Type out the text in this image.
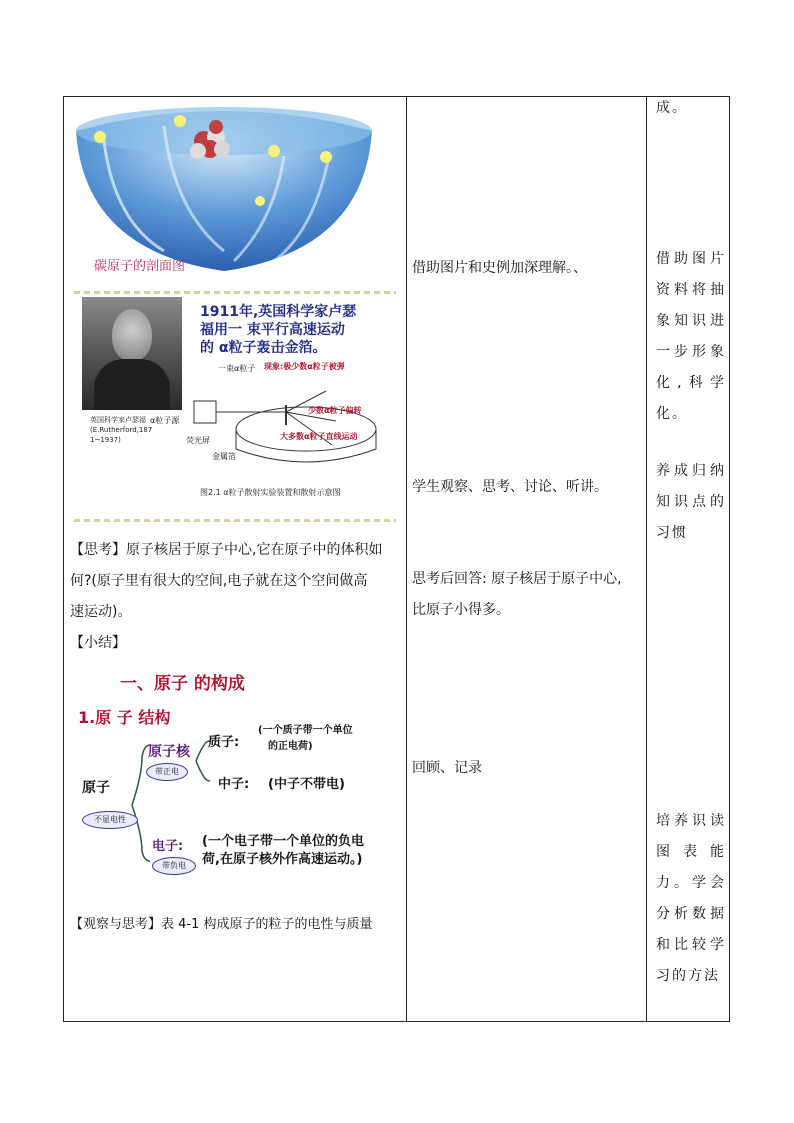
碳原子的剖面图
英国科学家卢瑟福
(E.Rutherford,187
1~1937)
1911年,英国科学家卢瑟
福用一 束平行高速运动
的 α粒子轰击金箔。
一束α粒子
α粒子源
荧光屏
金属箔
现象:极少数α粒子被弹
少数α粒子偏转
大多数α粒子直线运动
图2.1 α粒子散射实验装置和散射示意图
【思考】原子核居于原子中心,它在原子中的体积如
何?(原子里有很大的空间,电子就在这个空间做高
速运动)。
【小结】
一、原子 的构成
1.原 子 结构
原子
原子核
质子:
(一个质子带一个单位
的正电荷)
中子: (中子不带电)
电子: (一个电子带一个单位的负电
荷,在原子核外作高速运动。)
带正电
不显电性
带负电
【观察与思考】表 4-1 构成原子的粒子的电性与质量
借助图片和史例加深理解。、
学生观察、思考、讨论、听讲。
思考后回答: 原子核居于原子中心,
比原子小得多。
回顾、记录
成。
借助图片资料将抽象知识进一步形象化,科学化。
养成归纳知识点的习惯
培养识读图表能力。学会分析数据和比较学习的方法
